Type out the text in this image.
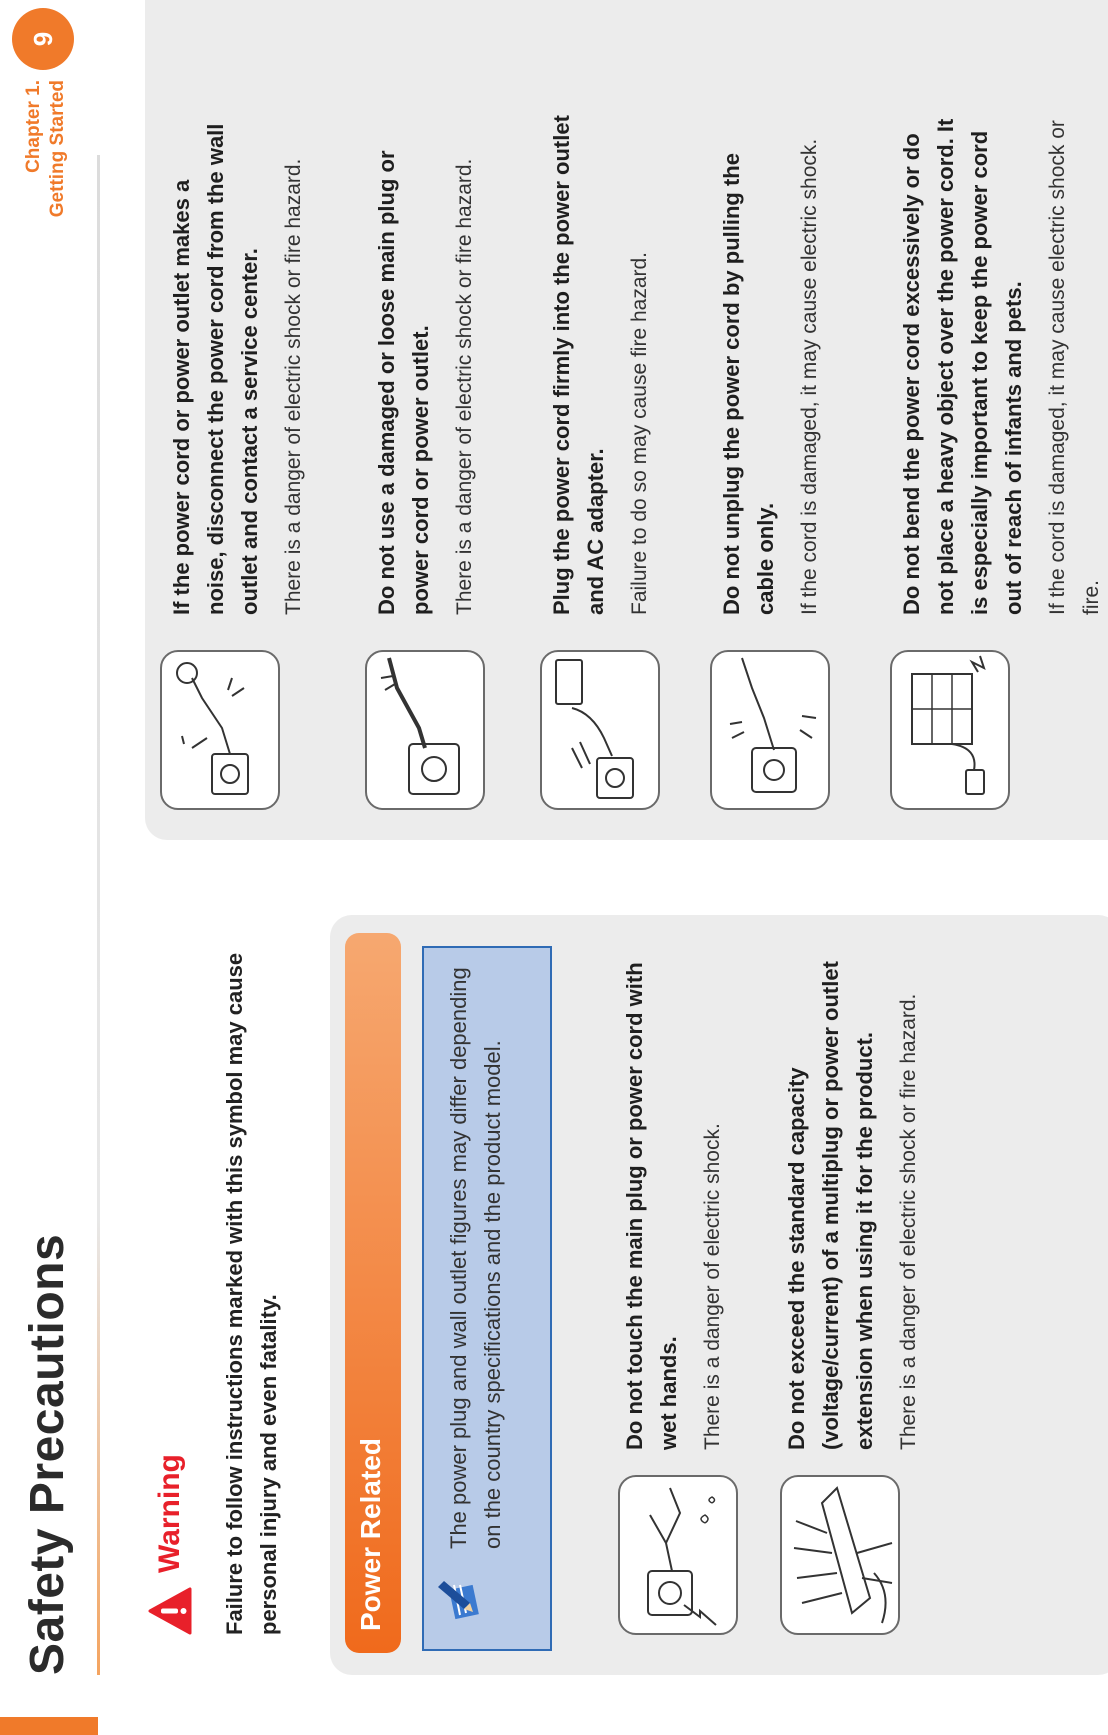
Safety Precautions
Chapter 1. Getting Started
9
Warning Failure to follow instructions marked with this symbol may cause personal injury and even fatality.	Power Related	The power plug and wall outlet figures may differ depending on the country specifications and the product model.	Do not touch the main plug or power cord with wet hands. There is a danger of electric shock.	Do not exceed the standard capacity (voltage/current) of a multiplug or power outlet extension when using it for the product. There is a danger of electric shock or fire hazard.
If the power cord or power outlet makes a noise, disconnect the power cord from the wall outlet and contact a service center. There is a danger of electric shock or fire hazard.	Do not use a damaged or loose main plug or power cord or power outlet. There is a danger of electric shock or fire hazard.	Plug the power cord firmly into the power outlet and AC adapter. Failure to do so may cause fire hazard.	Do not unplug the power cord by pulling the cable only. If the cord is damaged, it may cause electric shock.	Do not bend the power cord excessively or do not place a heavy object over the power cord. It is especially important to keep the power cord out of reach of infants and pets. If the cord is damaged, it may cause electric shock or fire.
